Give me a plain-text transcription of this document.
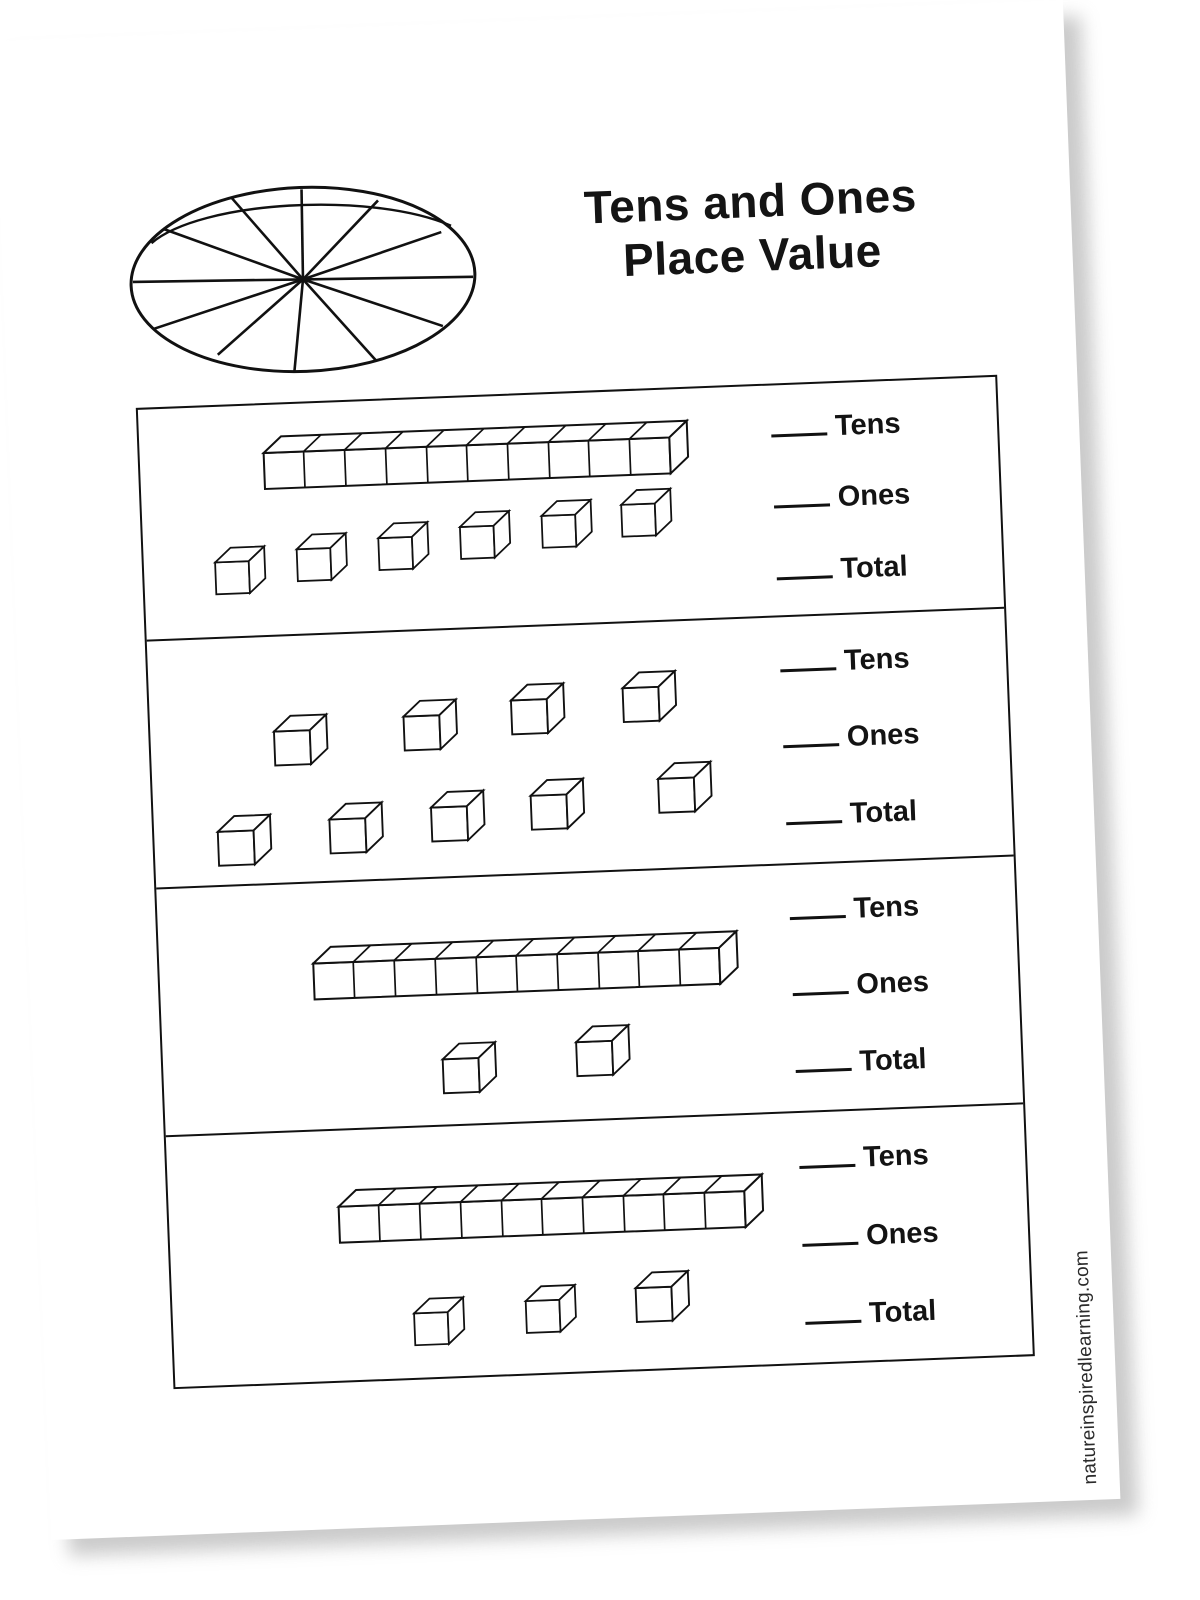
Tens and Ones
Place Value
Tens
Ones
Total
Tens
Ones
Total
Tens
Ones
Total
Tens
Ones
Total	natureinspiredlearning.com
